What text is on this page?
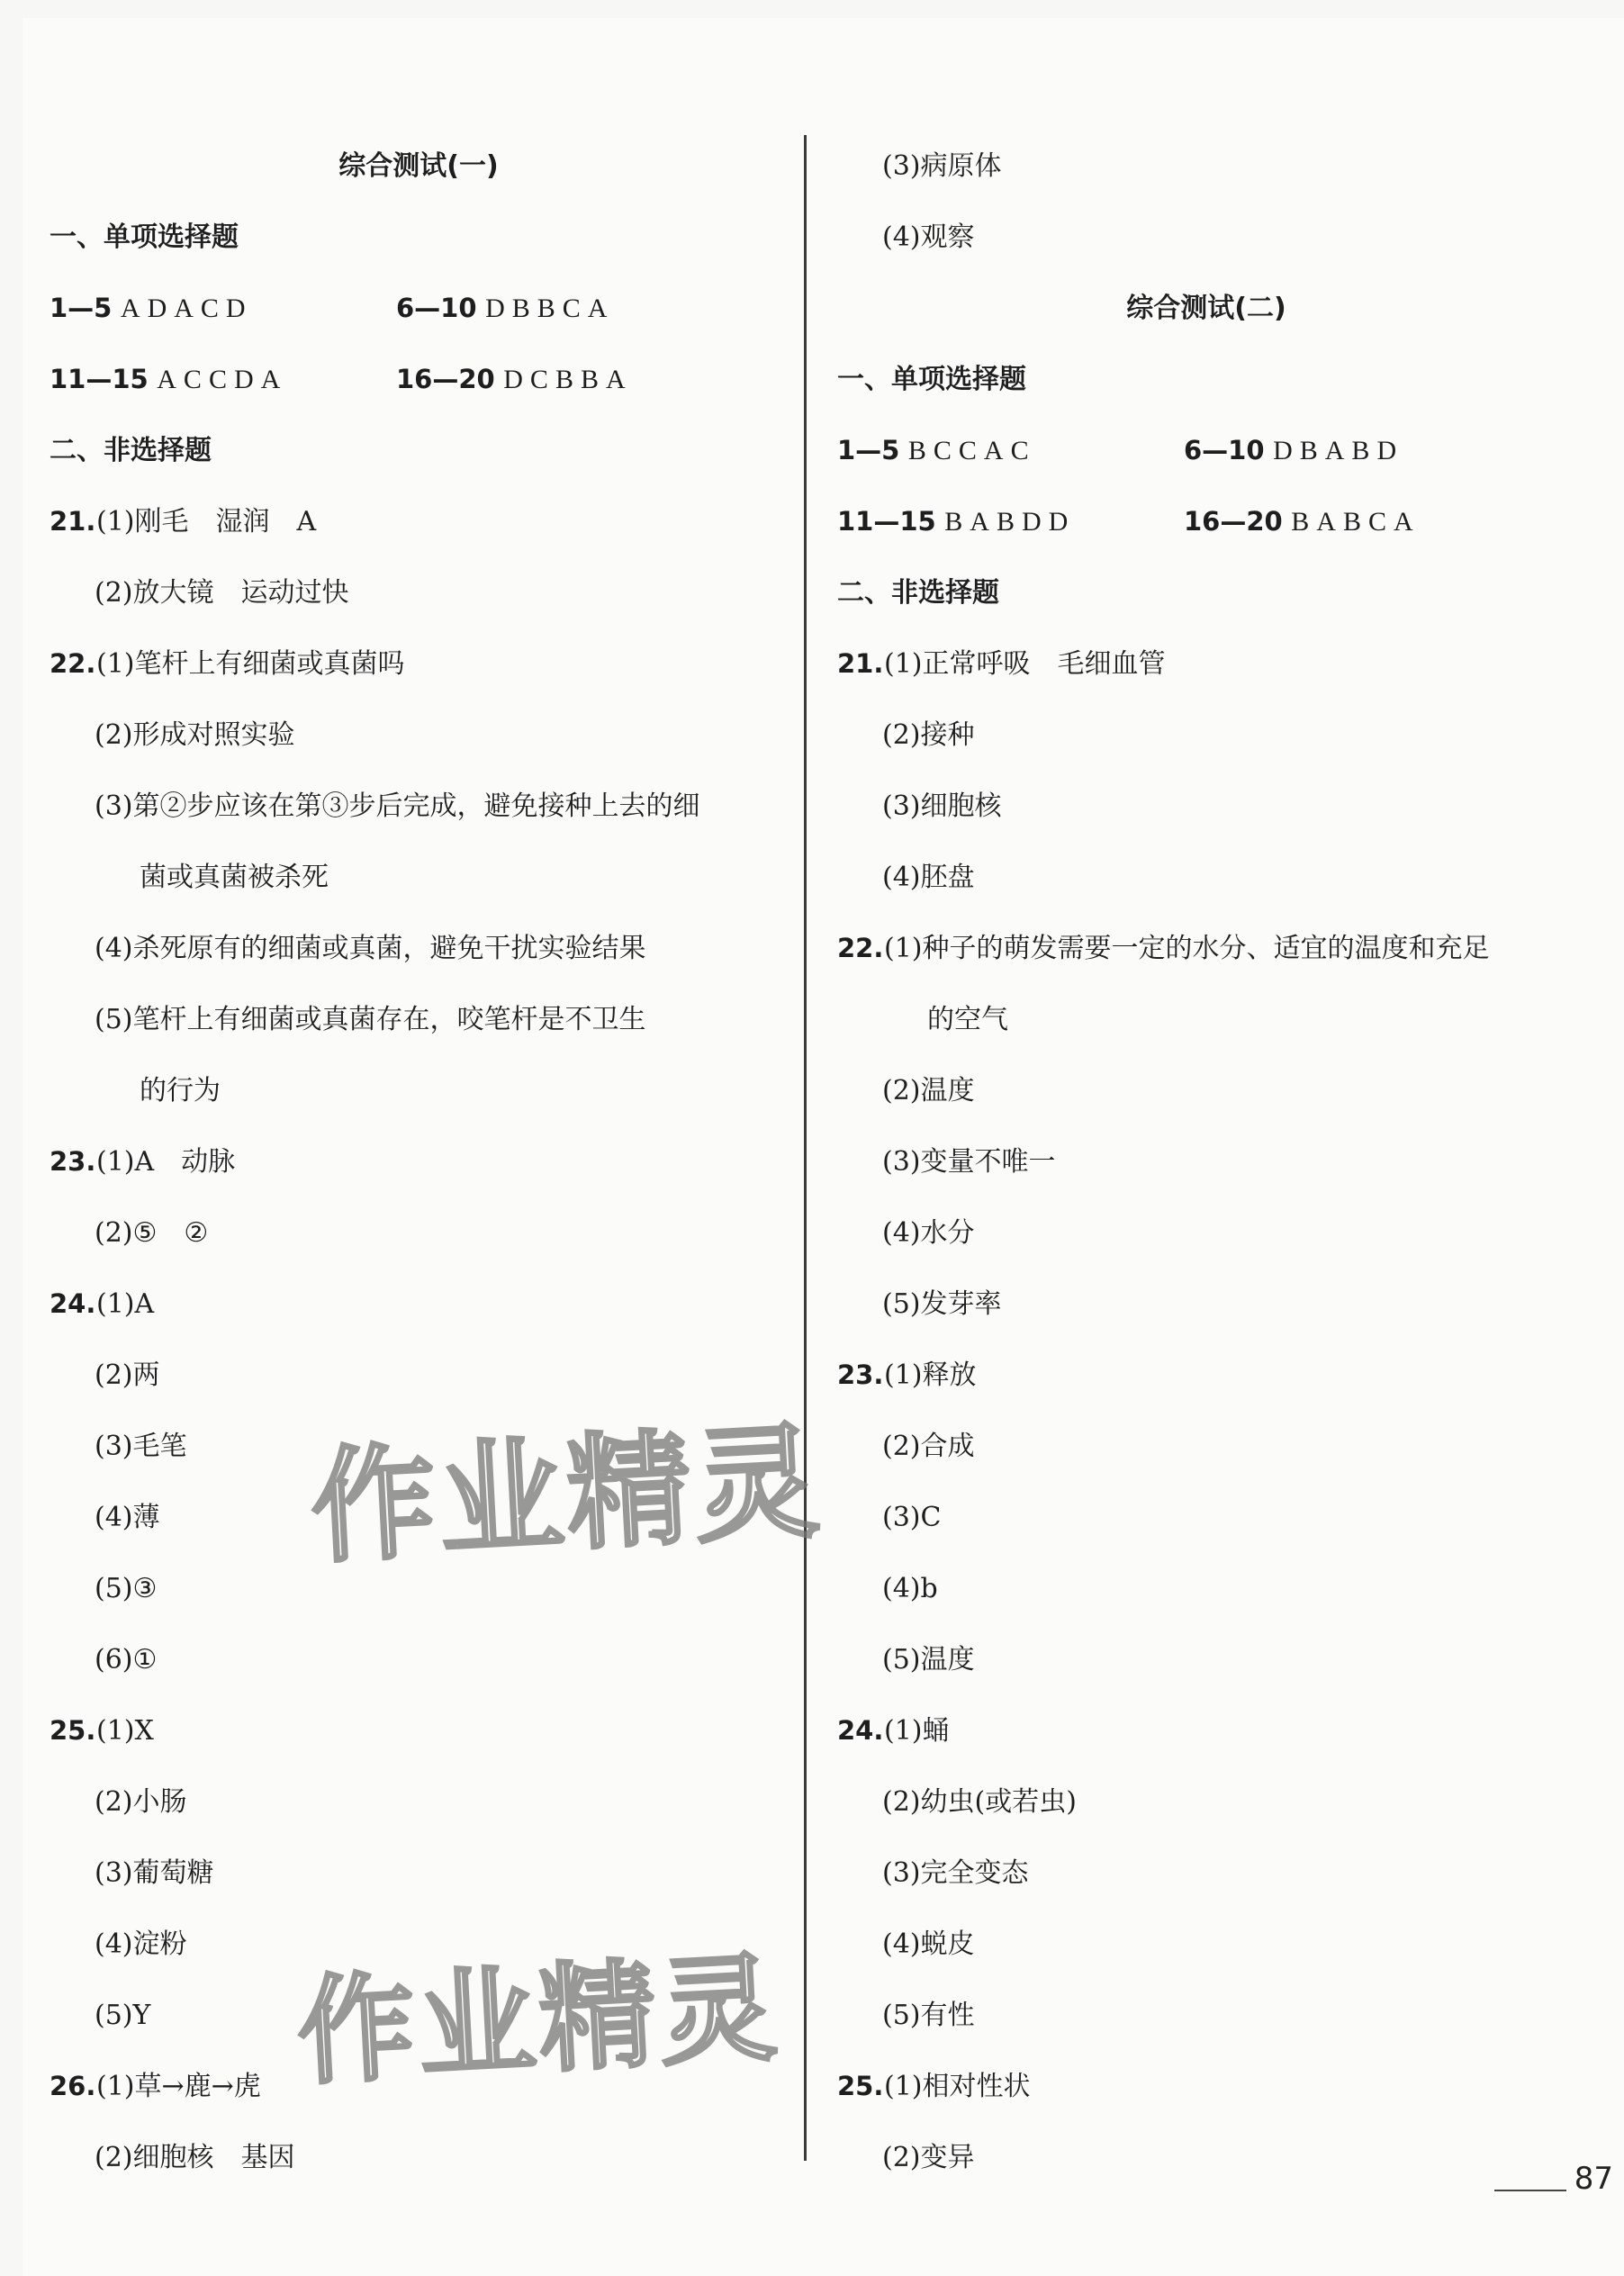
综合测试(一)
一、单项选择题
1—5 ADACD	6—10 DBBCA
11—15 ACCDA	16—20 DCBBA
二、非选择题
21.(1)刚毛　湿润　A
(2)放大镜　运动过快
22.(1)笔杆上有细菌或真菌吗
(2)形成对照实验
(3)第②步应该在第③步后完成，避免接种上去的细
菌或真菌被杀死
(4)杀死原有的细菌或真菌，避免干扰实验结果
(5)笔杆上有细菌或真菌存在，咬笔杆是不卫生
的行为
23.(1)A　动脉
(2)⑤　②
24.(1)A
(2)两
(3)毛笔
(4)薄
(5)③
(6)①
25.(1)X
(2)小肠
(3)葡萄糖
(4)淀粉
(5)Y
26.(1)草→鹿→虎
(2)细胞核　基因
(3)病原体
(4)观察
综合测试(二)
一、单项选择题
1—5 BCCAC	6—10 DBABD
11—15 BABDD	16—20 BABCA
二、非选择题
21.(1)正常呼吸　毛细血管
(2)接种
(3)细胞核
(4)胚盘
22.(1)种子的萌发需要一定的水分、适宜的温度和充足
的空气
(2)温度
(3)变量不唯一
(4)水分
(5)发芽率
23.(1)释放
(2)合成
(3)C
(4)b
(5)温度
24.(1)蛹
(2)幼虫(或若虫)
(3)完全变态
(4)蜕皮
(5)有性
25.(1)相对性状
(2)变异
作业精灵
作业精灵
87
